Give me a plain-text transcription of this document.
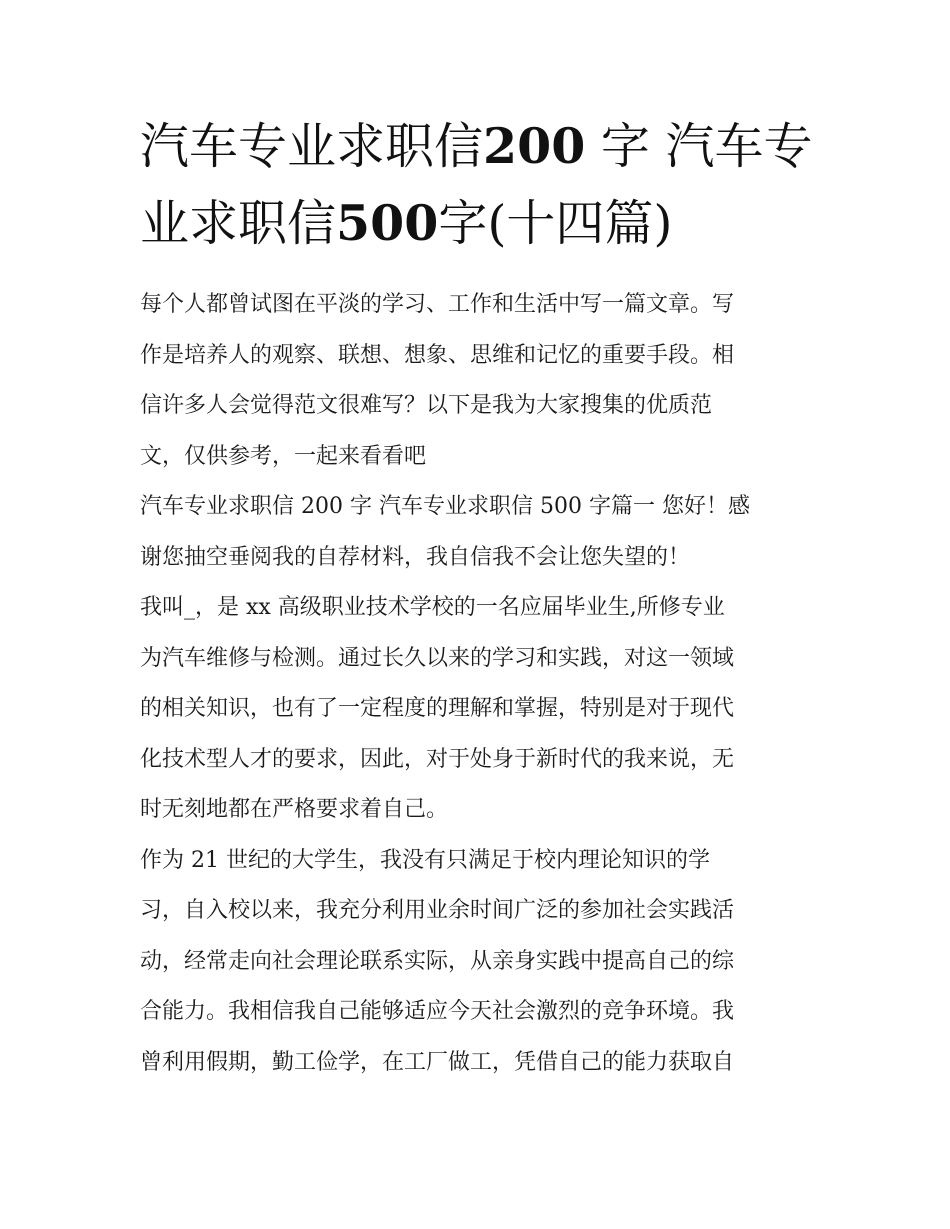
汽车专业求职信200 字 汽车专业求职信500字(十四篇)

每个人都曾试图在平淡的学习、工作和生活中写一篇文章。写

作是培养人的观察、联想、想象、思维和记忆的重要手段。相

信许多人会觉得范文很难写？以下是我为大家搜集的优质范

文，仅供参考，一起来看看吧

汽车专业求职信 200 字 汽车专业求职信 500 字篇一 您好！感

谢您抽空垂阅我的自荐材料，我自信我不会让您失望的！

我叫_，是 xx 高级职业技术学校的一名应届毕业生,所修专业

为汽车维修与检测。通过长久以来的学习和实践，对这一领域

的相关知识，也有了一定程度的理解和掌握，特别是对于现代

化技术型人才的要求，因此，对于处身于新时代的我来说，无

时无刻地都在严格要求着自己。

作为 21 世纪的大学生，我没有只满足于校内理论知识的学

习，自入校以来，我充分利用业余时间广泛的参加社会实践活

动，经常走向社会理论联系实际，从亲身实践中提高自己的综

合能力。我相信我自己能够适应今天社会激烈的竞争环境。我

曾利用假期，勤工俭学，在工厂做工，凭借自己的能力获取自
